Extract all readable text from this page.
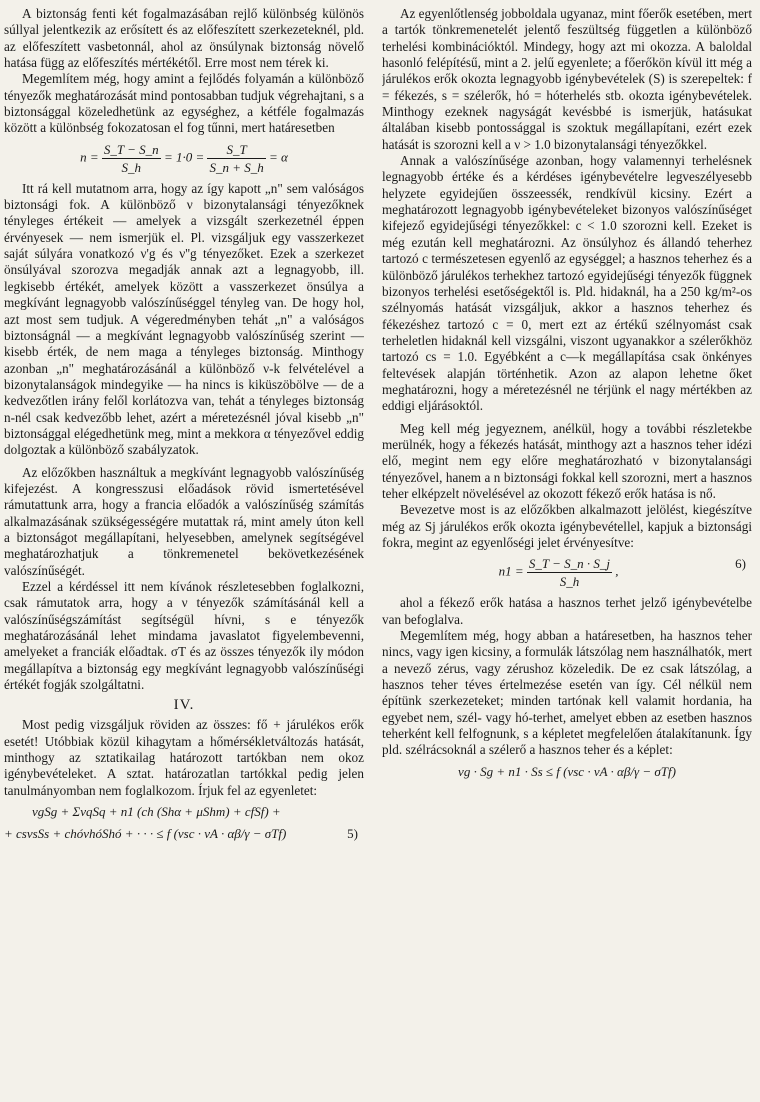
A biztonság fenti két fogalmazásában rejlő különbség különös súllyal jelentkezik az erősített és az előfeszített szerkezeteknél, pld. az előfeszített vasbetonnál, ahol az önsúlynak biztonság növelő hatása függ az előfeszítés mértékétől. Erre most nem térek ki.

Megemlítem még, hogy amint a fejlődés folyamán a különböző tényezők meghatározását mind pontosabban tudjuk végrehajtani, s a biztonsággal közeledhetünk az egységhez, a kétféle fogalmazás között a különbség fokozatosan el fog tűnni, mert határesetben

$n = \frac{S\_T - S\_n}{S\_h} = 1\cdot 0 = \frac{S\_T}{S\_n + S\_h} = \alpha$

Itt rá kell mutatnom arra, hogy az így kapott „n" sem valóságos biztonsági fok. A különböző ν bizonytalansági tényezőknek tényleges értékeit — amelyek a vizsgált szerkezetnél éppen érvényesek — nem ismerjük el. Pl. vizsgáljuk egy vasszerkezet saját súlyára vonatkozó ν'g és ν''g tényezőket. Ezek a szerkezet önsúlyával szorozva megadják annak azt a legnagyobb, ill. legkisebb értékét, amelyek között a vasszerkezet önsúlya a megkívánt legnagyobb valószínűséggel tényleg van. De hogy hol, azt most sem tudjuk. A végeredményben tehát „n" a valóságos biztonságnál — a megkívánt legnagyobb valószínűség szerint — kisebb érték, de nem maga a tényleges biztonság. Minthogy azonban „n" meghatározásánál a különböző ν-k felvételével a bizonytalanságok mindegyike — ha nincs is kiküszöbölve — de a kedvezőtlen irány felől korlátozva van, tehát a tényleges biztonság n-nél csak kedvezőbb lehet, azért a méretezésnél jóval kisebb „n" biztonsággal elégedhetünk meg, mint a mekkora α tényezővel eddig dolgoztak a különböző szabályzatok.

Az előzőkben használtuk a megkívánt legnagyobb valószínűség kifejezést. A kongresszusi előadások rövid ismertetésével rámutattunk arra, hogy a francia előadók a valószínűség számítás alkalmazásának szükségességére mutattak rá, mint amely úton kell a biztonságot megállapítani, helyesebben, amelynek segítségével meghatározhatjuk a tönkremenetel bekövetkezésének valószínűségét.

Ezzel a kérdéssel itt nem kívánok részletesebben foglalkozni, csak rámutatok arra, hogy a ν tényezők számításánál kell a valószínűségszámítást segítségül hívni, s e tényezők meghatározásánál lehet mindama javaslatot figyelembevenni, amelyeket a franciák előadtak. σT és az összes tényezők ily módon megállapítva a biztonság egy megkívánt legnagyobb valószínűségi értékét fogják szolgáltatni.

IV.

Most pedig vizsgáljuk röviden az összes: fő + járulékos erők esetét! Utóbbiak közül kihagytam a hőmérsékletváltozás hatását, minthogy az sztatikailag határozott tartókban nem okoz igénybevételeket. A sztat. határozatlan tartókkal pedig jelen tanulmányomban nem foglalkozom. Írjuk fel az egyenletet:

νgSg + ΣνqSq + n1 (ch (Shα + μShm) + cfSf) +
+ csνsSs + chóνhóShó + · · · ≤ f (νsc · νA · αβ/γ − σTf)	5)

Az egyenlőtlenség jobboldala ugyanaz, mint főerők esetében, mert a tartók tönkremenetelét jelentő feszültség független a különböző terhelési kombinációktól. Mindegy, hogy azt mi okozza. A baloldal hasonló felépítésű, mint a 2. jelű egyenlete; a főerőkön kívül itt még a járulékos erők okozta legnagyobb igénybevételek (S) is szerepeltek: f = fékezés, s = szélerők, hó = hóterhelés stb. okozta igénybevételek. Minthogy ezeknek nagyságát kevésbbé is ismerjük, hatásukat általában kisebb pontossággal is szoktuk megállapítani, ezért ezek hatását is szorozni kell a ν > 1.0 bizonytalansági tényezőkkel.

Annak a valószínűsége azonban, hogy valamennyi terhelésnek legnagyobb értéke és a kérdéses igénybevételre legveszélyesebb helyzete egyidejűen összeessék, rendkívül kicsiny. Ezért a meghatározott legnagyobb igénybevételeket bizonyos valószínűséget kifejező egyidejűségi tényezőkkel: c < 1.0 szorozni kell. Ezeket is még ezután kell meghatározni. Az önsúlyhoz és állandó teherhez tartozó c természetesen egyenlő az egységgel; a hasznos teherhez és a különböző járulékos terhekhez tartozó egyidejűségi tényezők függnek bizonyos terhelési esetőségektől is. Pld. hidaknál, ha a 250 kg/m²-os szélnyomás hatását vizsgáljuk, akkor a hasznos teherhez és fékezéshez tartozó c = 0, mert ezt az értékű szélnyomást csak terheletlen hidaknál kell vizsgálni, viszont ugyanakkor a szélerőkhöz tartozó cs = 1.0. Egyébként a c—k megállapítása csak önkényes feltevések alapján történhetik. Azon az alapon lehetne őket meghatározni, hogy a méretezésnél ne térjünk el nagy mértékben az eddigi eljárásoktól.

Meg kell még jegyeznem, anélkül, hogy a további részletekbe merülnék, hogy a fékezés hatását, minthogy azt a hasznos teher idézi elő, megint nem egy előre meghatározható ν bizonytalansági tényezővel, hanem a n biztonsági fokkal kell szorozni, mert a hasznos teher elképzelt növelésével az okozott fékező erők hatása is nő.

Bevezetve most is az előzőkben alkalmazott jelölést, kiegészítve még az Sj járulékos erők okozta igénybevétellel, kapjuk a biztonsági fokra, megint az egyenlőségi jelet érvényesítve:

$n1 = \frac{S\_T - S\_n \cdot S\_j}{S\_h}$ ,	6)

ahol a fékező erők hatása a hasznos terhet jelző igénybevételbe van befoglalva.

Megemlítem még, hogy abban a határesetben, ha hasznos teher nincs, vagy igen kicsiny, a formulák látszólag nem használhatók, mert a nevező zérus, vagy zérushoz közeledik. De ez csak látszólag, a hasznos teher téves értelmezése esetén van így. Cél nélkül nem építünk szerkezeteket; minden tartónak kell valamit hordania, ha egyebet nem, szél- vagy hó-terhet, amelyet ebben az esetben hasznos teherként kell felfognunk, s a képletet megfelelően átalakítanunk. Így pld. szélrácsoknál a szélerő a hasznos teher és a képlet:

νg · Sg + n1 · Ss ≤ f (νsc · νA · αβ/γ − σTf)
